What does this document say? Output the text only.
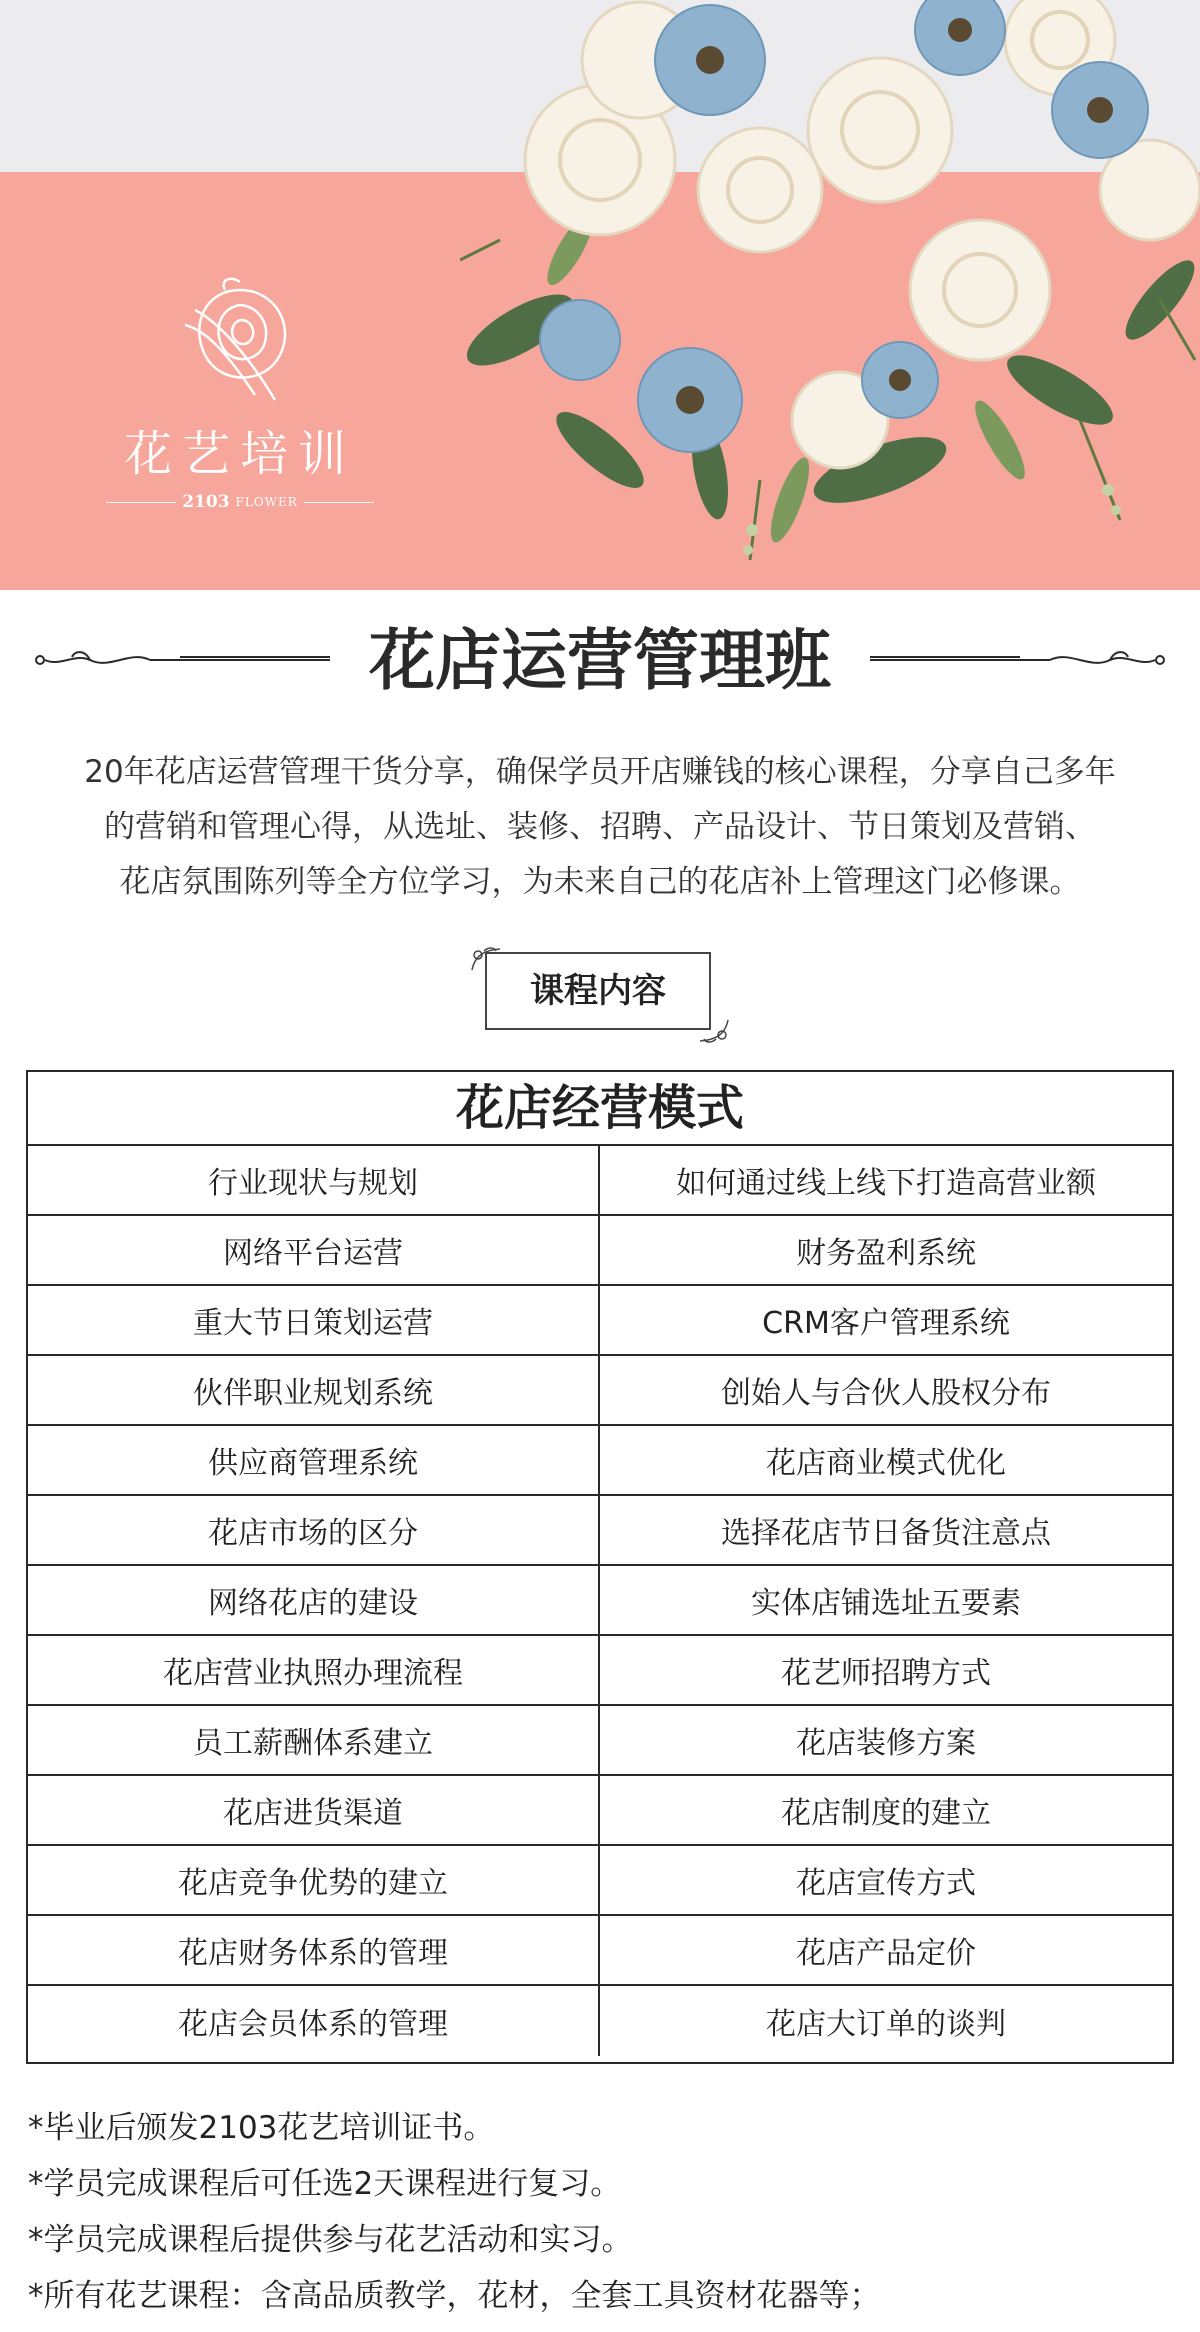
花艺培训
2103 FLOWER
花店运营管理班
20年花店运营管理干货分享，确保学员开店赚钱的核心课程，分享自己多年
的营销和管理心得，从选址、装修、招聘、产品设计、节日策划及营销、
花店氛围陈列等全方位学习，为未来自己的花店补上管理这门必修课。
课程内容
花店经营模式
行业现状与规划	如何通过线上线下打造高营业额
网络平台运营	财务盈利系统
重大节日策划运营	CRM客户管理系统
伙伴职业规划系统	创始人与合伙人股权分布
供应商管理系统	花店商业模式优化
花店市场的区分	选择花店节日备货注意点
网络花店的建设	实体店铺选址五要素
花店营业执照办理流程	花艺师招聘方式
员工薪酬体系建立	花店装修方案
花店进货渠道	花店制度的建立
花店竞争优势的建立	花店宣传方式
花店财务体系的管理	花店产品定价
花店会员体系的管理	花店大订单的谈判
*毕业后颁发2103花艺培训证书。
*学员完成课程后可任选2天课程进行复习。
*学员完成课程后提供参与花艺活动和实习。
*所有花艺课程：含高品质教学，花材，全套工具资材花器等；
